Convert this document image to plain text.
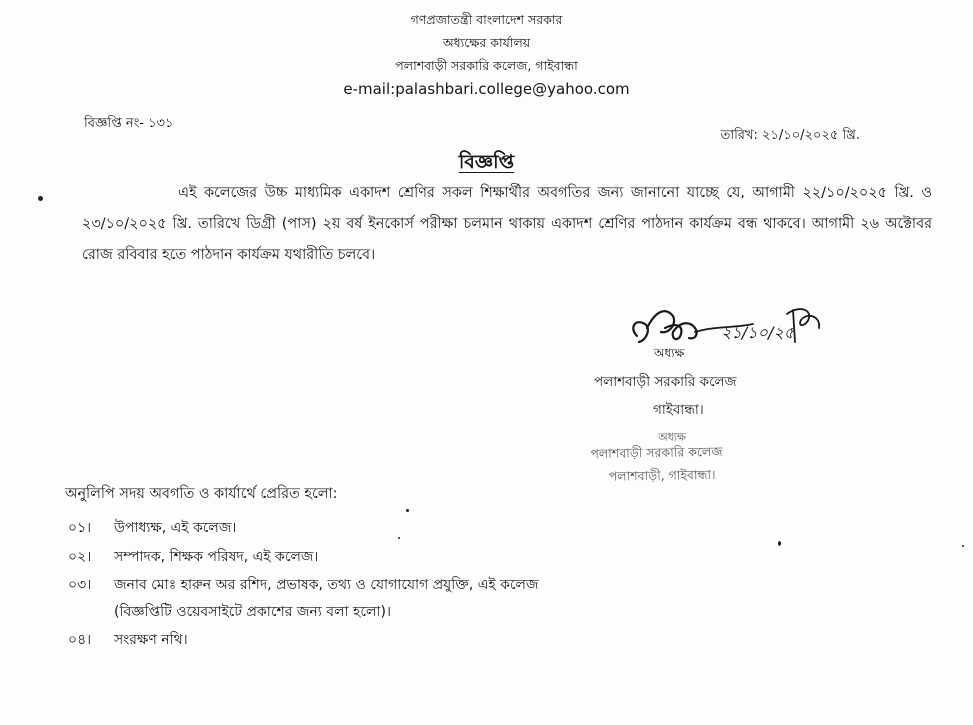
গণপ্রজাতন্ত্রী বাংলাদেশ সরকার
অধ্যক্ষের কার্যালয়
পলাশবাড়ী সরকারি কলেজ, গাইবান্ধা
e-mail:palashbari.college@yahoo.com
বিজ্ঞপ্তি নং- ১৩১
তারিখ: ২১/১০/২০২৫ খ্রি.
বিজ্ঞপ্তি
এই কলেজের উচ্চ মাধ্যমিক একাদশ শ্রেণির সকল শিক্ষার্থীর অবগতির জন্য জানানো যাচ্ছে যে, আগামী ২২/১০/২০২৫ খ্রি. ও ২৩/১০/২০২৫ খ্রি. তারিখে ডিগ্রী (পাস) ২য় বর্ষ ইনকোর্স পরীক্ষা চলমান থাকায় একাদশ শ্রেণির পাঠদান কার্যক্রম বন্ধ থাকবে। আগামী ২৬ অক্টোবর রোজ রবিবার হতে পাঠদান কার্যক্রম যথারীতি চলবে।
২১/১০/২৫
অধ্যক্ষ
পলাশবাড়ী সরকারি কলেজ
গাইবান্ধা।
অধ্যক্ষ
পলাশবাড়ী সরকারি কলেজ
পলাশবাড়ী, গাইবান্ধা।
অনুলিপি সদয় অবগতি ও কার্যার্থে প্রেরিত হলো:
০১। উপাধ্যক্ষ, এই কলেজ।
০২। সম্পাদক, শিক্ষক পরিষদ, এই কলেজ।
০৩। জনাব মোঃ হারুন অর রশিদ, প্রভাষক, তথ্য ও যোগাযোগ প্রযুক্তি, এই কলেজ
(বিজ্ঞপ্তিটি ওয়েবসাইটে প্রকাশের জন্য বলা হলো)।
০৪। সংরক্ষণ নথি।
